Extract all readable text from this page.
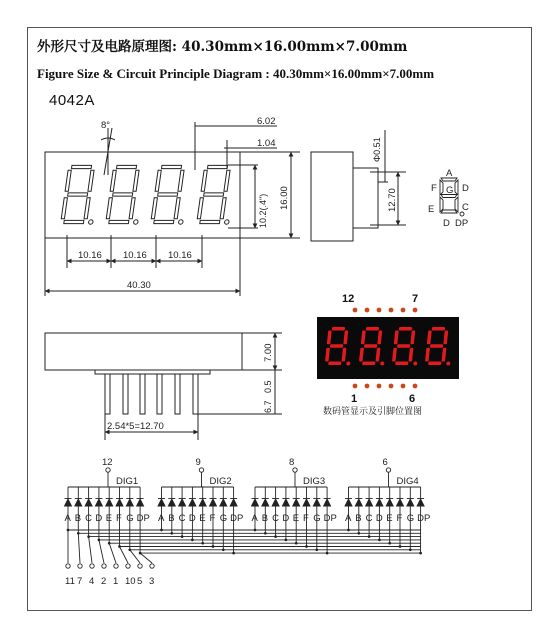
外形尺寸及电路原理图: 40.30mm×16.00mm×7.00mm
Figure Size & Circuit Principle Diagram : 40.30mm×16.00mm×7.00mm
4042A
8°	6.02
1.04
10.2(.4") 16.00
10.16 10.16 10.16
40.30
Φ0.51
12.70
A
F G D
E	C
D DP
7.00
0.5
6.7
2.54*5=12.70
12	7
1	6
数码管显示及引脚位置图
12
DIG1
A B C D E F G DP
9
DIG2
A B C D E F G DP
8
DIG3
A B C D E F G DP
6
DIG4
A B C D E F G DP
11 7 4 2 1 10 5 3
